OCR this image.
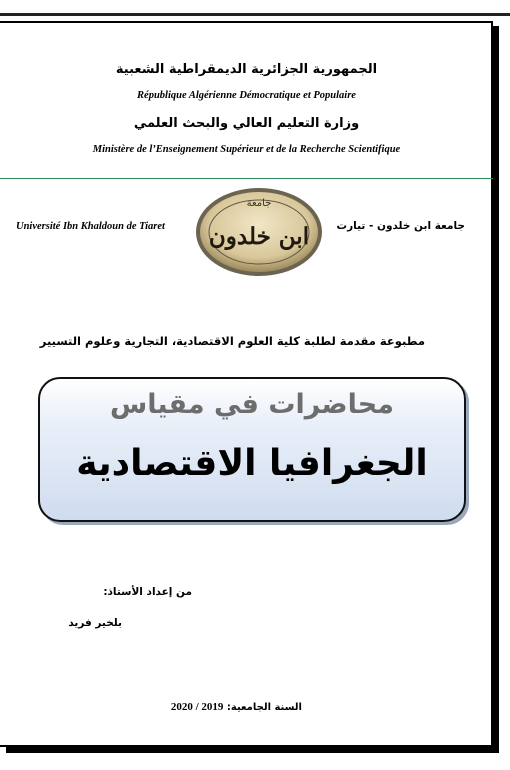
الجمهورية الجزائرية الديمقراطية الشعبية
République Algérienne Démocratique et Populaire
وزارة التعليم العالي والبحث العلمي
Ministère de l’Enseignement Supérieur et de la Recherche Scientifique
Université Ibn Khaldoun de Tiaret
جامعة
ابن خلدون	جامعة ابن خلدون - تيارت
مطبوعة مقدمة لطلبة كلية العلوم الاقتصادية، التجارية وعلوم التسيير
محاضرات في مقياس
الجغرافيا الاقتصادية
من إعداد الأستاذ:
بلخير فريد
السنة الجامعية: 2020 / 2019
